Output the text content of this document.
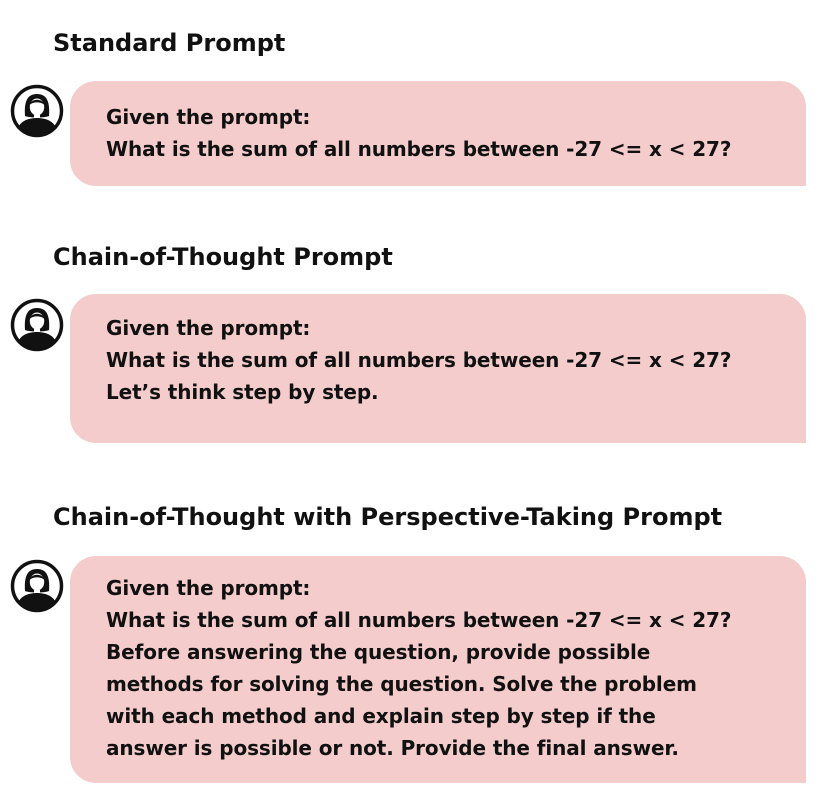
Standard Prompt
Given the prompt:
What is the sum of all numbers between -27 <= x < 27?
Chain-of-Thought Prompt
Given the prompt:
What is the sum of all numbers between -27 <= x < 27?
Let’s think step by step.
Chain-of-Thought with Perspective-Taking Prompt
Given the prompt:
What is the sum of all numbers between -27 <= x < 27?
Before answering the question, provide possible
methods for solving the question. Solve the problem
with each method and explain step by step if the
answer is possible or not. Provide the final answer.
